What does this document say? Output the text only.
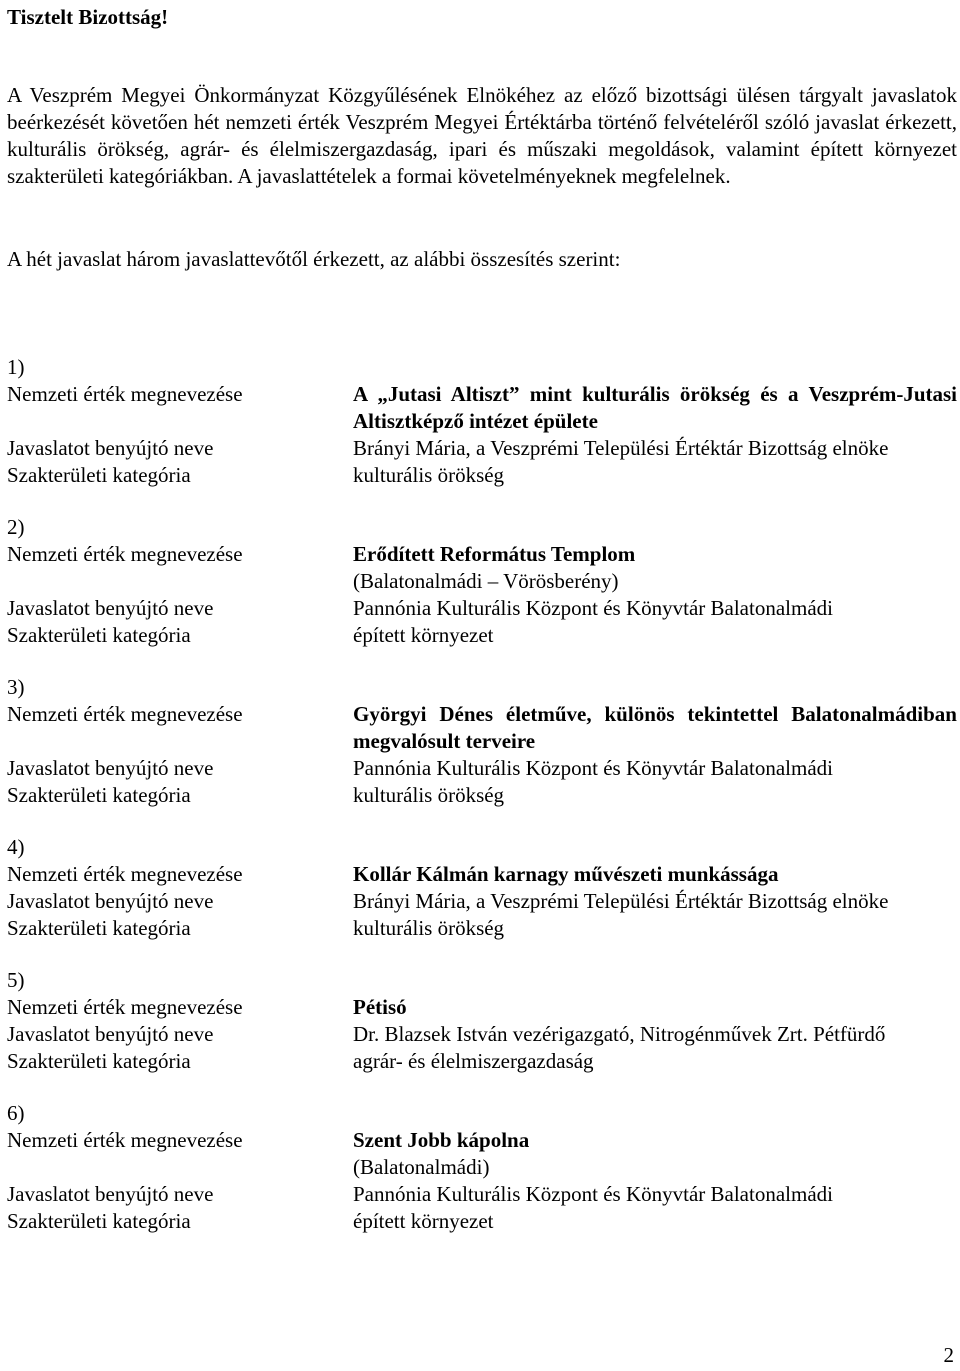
Tisztelt Bizottság!
A Veszprém Megyei Önkormányzat Közgyűlésének Elnökéhez az előző bizottsági ülésen tárgyalt javaslatok beérkezését követően hét nemzeti érték Veszprém Megyei Értéktárba történő felvételéről szóló javaslat érkezett, kulturális örökség, agrár- és élelmiszergazdaság, ipari és műszaki megoldások, valamint épített környezet szakterületi kategóriákban. A javaslattételek a formai követelményeknek megfelelnek.
A hét javaslat három javaslattevőtől érkezett, az alábbi összesítés szerint:
1)
Nemzeti érték megnevezése	A „Jutasi Altiszt” mint kulturális örökség és a Veszprém-Jutasi Altisztképző intézet épülete
Javaslatot benyújtó neve	Brányi Mária, a Veszprémi Települési Értéktár Bizottság elnöke
Szakterületi kategória	kulturális örökség
2)
Nemzeti érték megnevezése	Erődített Református Templom
(Balatonalmádi – Vörösberény)
Javaslatot benyújtó neve	Pannónia Kulturális Központ és Könyvtár Balatonalmádi
Szakterületi kategória	épített környezet
3)
Nemzeti érték megnevezése	Györgyi Dénes életműve, különös tekintettel Balatonalmádiban megvalósult terveire
Javaslatot benyújtó neve	Pannónia Kulturális Központ és Könyvtár Balatonalmádi
Szakterületi kategória	kulturális örökség
4)
Nemzeti érték megnevezése	Kollár Kálmán karnagy művészeti munkássága
Javaslatot benyújtó neve	Brányi Mária, a Veszprémi Települési Értéktár Bizottság elnöke
Szakterületi kategória	kulturális örökség
5)
Nemzeti érték megnevezése	Pétisó
Javaslatot benyújtó neve	Dr. Blazsek István vezérigazgató, Nitrogénművek Zrt. Pétfürdő
Szakterületi kategória	agrár- és élelmiszergazdaság
6)
Nemzeti érték megnevezése	Szent Jobb kápolna
(Balatonalmádi)
Javaslatot benyújtó neve	Pannónia Kulturális Központ és Könyvtár Balatonalmádi
Szakterületi kategória	épített környezet
2
